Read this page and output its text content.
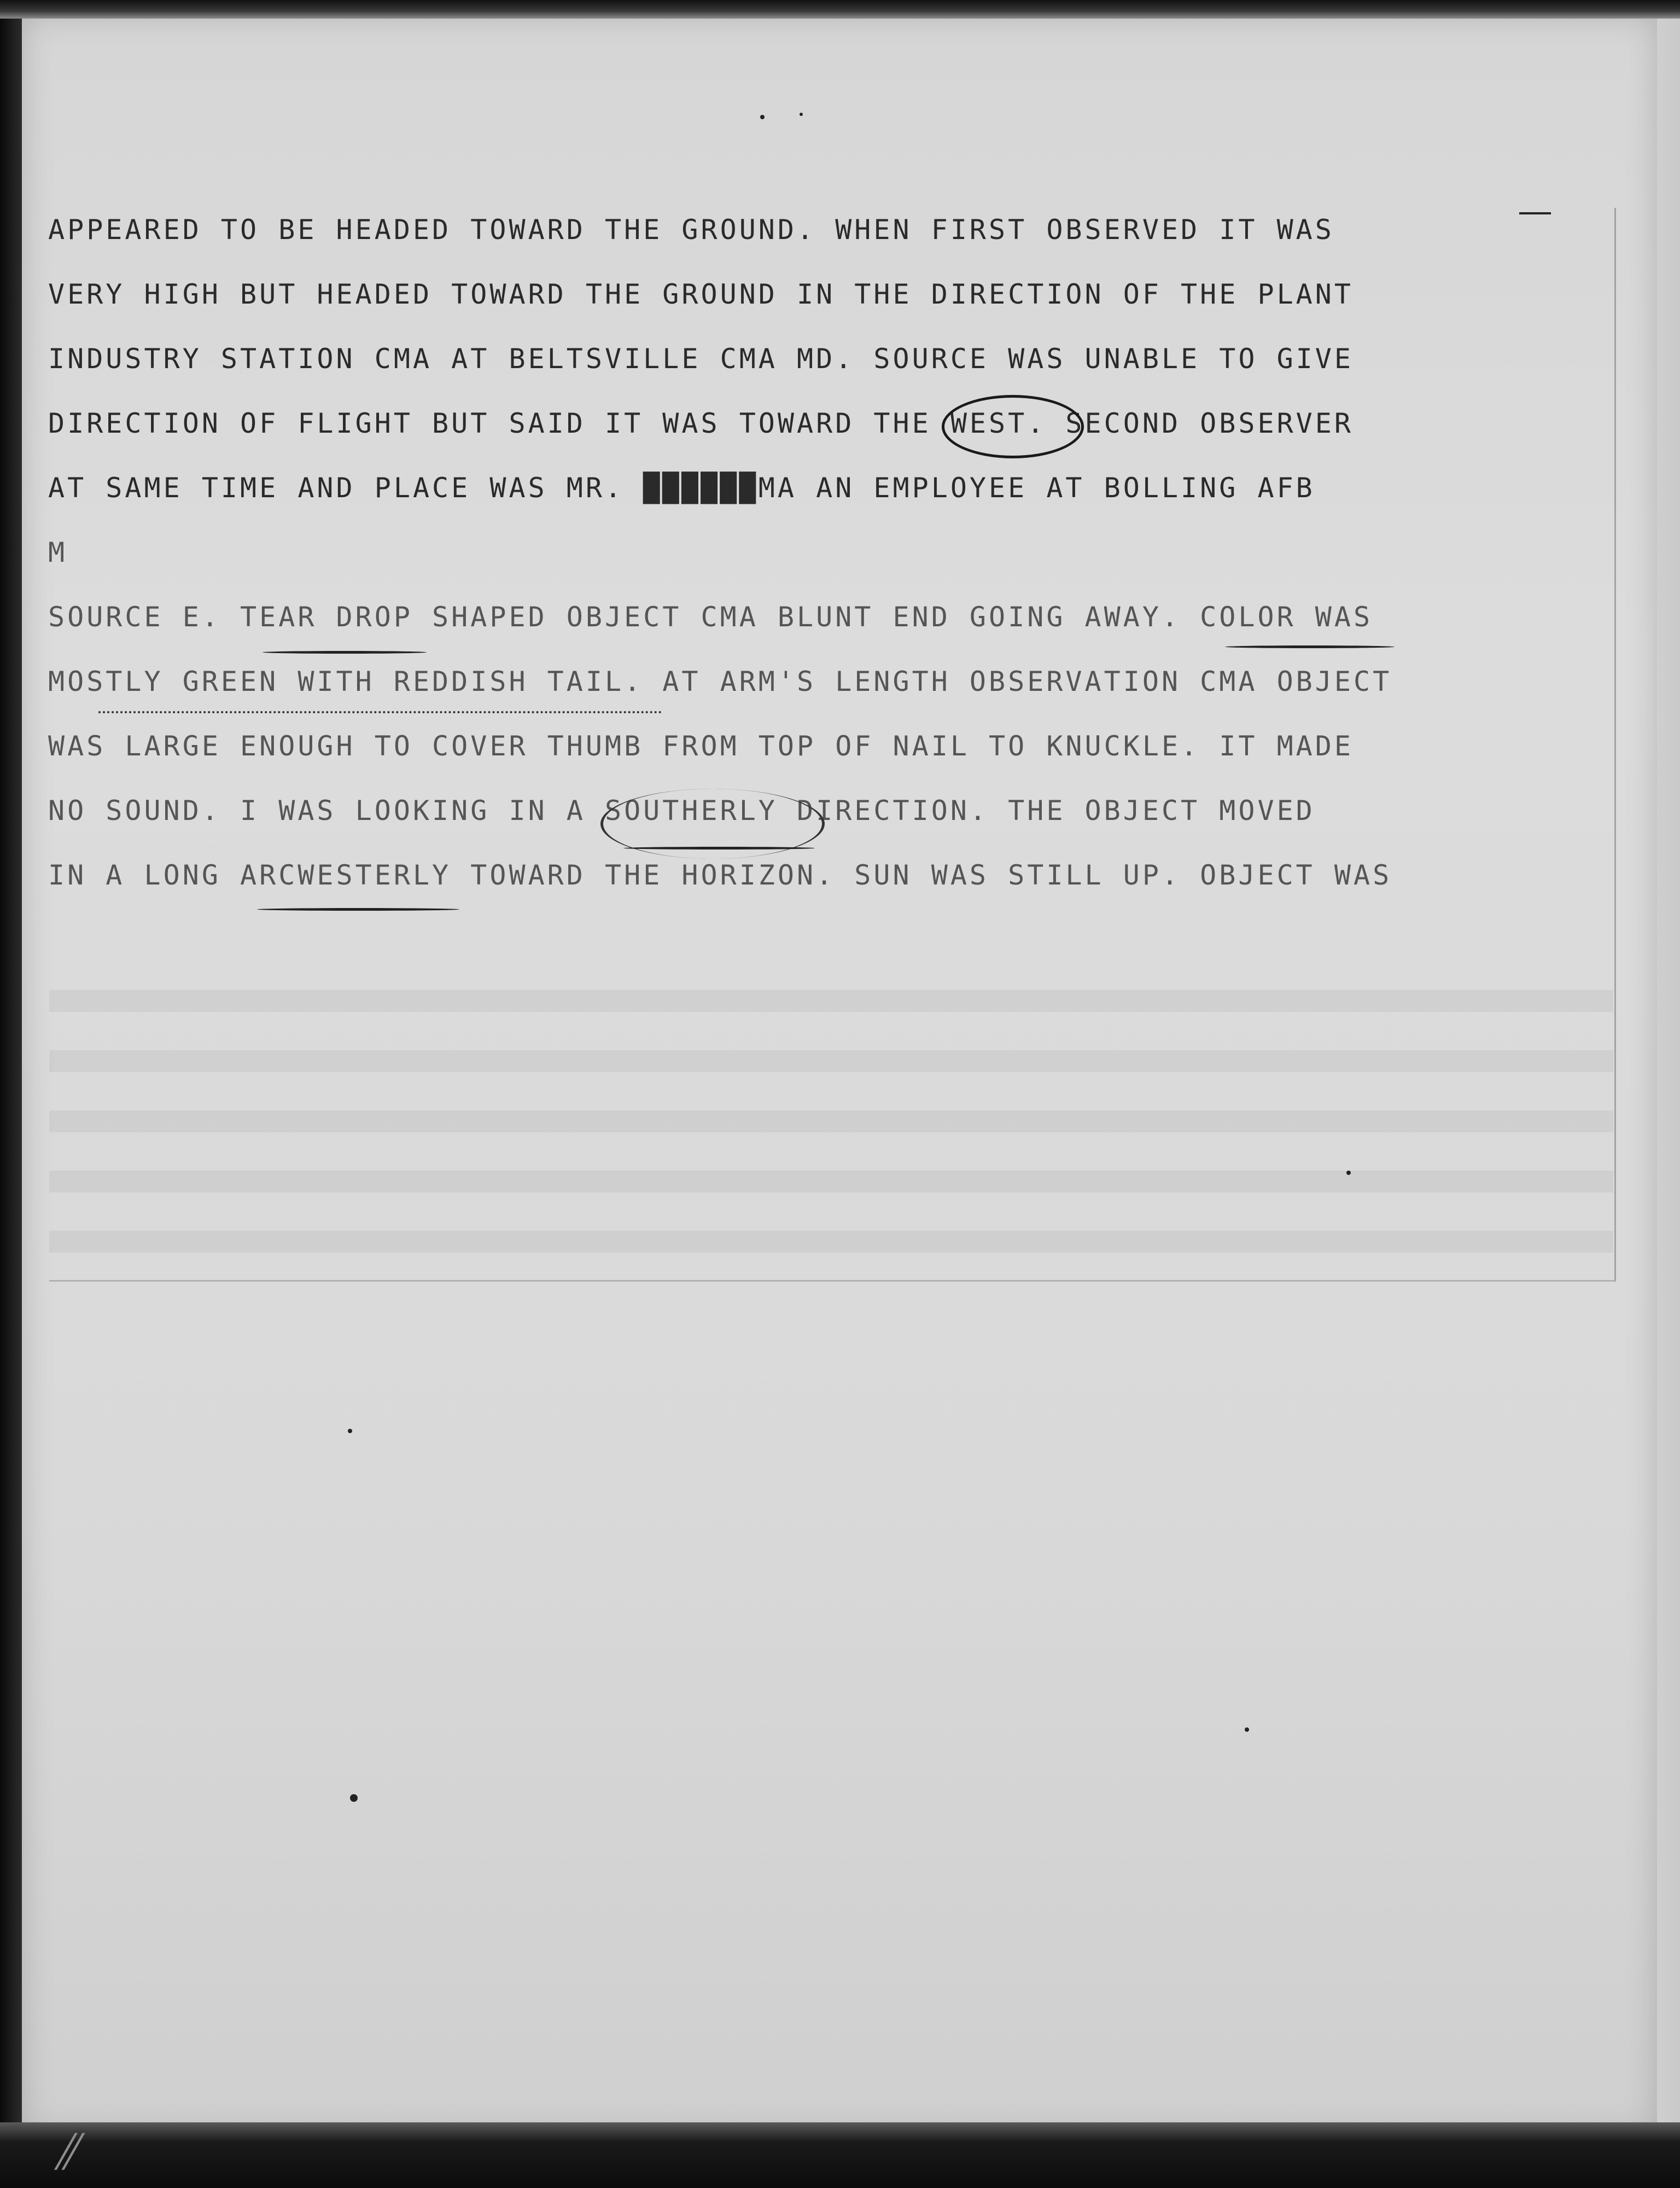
APPEARED TO BE HEADED TOWARD THE GROUND. WHEN FIRST OBSERVED IT WAS
VERY HIGH BUT HEADED TOWARD THE GROUND IN THE DIRECTION OF THE PLANT
INDUSTRY STATION CMA AT BELTSVILLE CMA MD. SOURCE WAS UNABLE TO GIVE
DIRECTION OF FLIGHT BUT SAID IT WAS TOWARD THE WEST. SECOND OBSERVER
AT SAME TIME AND PLACE WAS MR. ██████MA AN EMPLOYEE AT BOLLING AFB
M
SOURCE E. TEAR DROP SHAPED OBJECT CMA BLUNT END GOING AWAY. COLOR WAS
MOSTLY GREEN WITH REDDISH TAIL. AT ARM'S LENGTH OBSERVATION CMA OBJECT
WAS LARGE ENOUGH TO COVER THUMB FROM TOP OF NAIL TO KNUCKLE. IT MADE
NO SOUND. I WAS LOOKING IN A SOUTHERLY DIRECTION. THE OBJECT MOVED
IN A LONG ARCWESTERLY TOWARD THE HORIZON. SUN WAS STILL UP. OBJECT WAS
⫽
